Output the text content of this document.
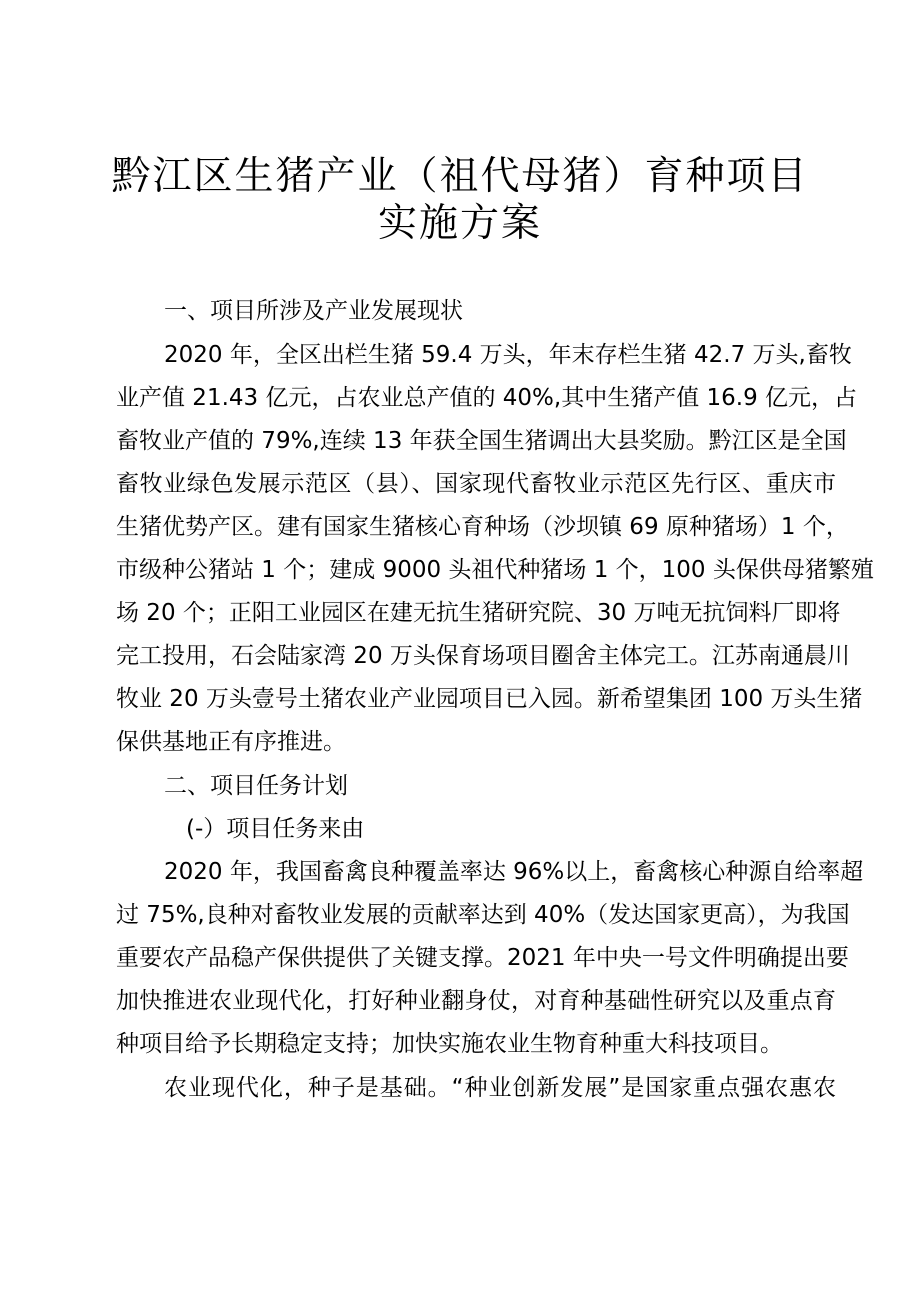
黔江区生猪产业（祖代母猪）育种项目
实施方案
一、项目所涉及产业发展现状
2020 年，全区出栏生猪 59.4 万头，年末存栏生猪 42.7 万头,畜牧
业产值 21.43 亿元，占农业总产值的 40%,其中生猪产值 16.9 亿元，占
畜牧业产值的 79%,连续 13 年获全国生猪调出大县奖励。黔江区是全国
畜牧业绿色发展示范区（县）、国家现代畜牧业示范区先行区、重庆市
生猪优势产区。建有国家生猪核心育种场（沙坝镇 69 原种猪场）1 个，
市级种公猪站 1 个；建成 9000 头祖代种猪场 1 个，100 头保供母猪繁殖
场 20 个；正阳工业园区在建无抗生猪研究院、30 万吨无抗饲料厂即将
完工投用，石会陆家湾 20 万头保育场项目圈舍主体完工。江苏南通晨川
牧业 20 万头壹号土猪农业产业园项目已入园。新希望集团 100 万头生猪
保供基地正有序推进。
二、项目任务计划
(-）项目任务来由
2020 年，我国畜禽良种覆盖率达 96%以上，畜禽核心种源自给率超
过 75%,良种对畜牧业发展的贡献率达到 40%（发达国家更高），为我国
重要农产品稳产保供提供了关键支撑。2021 年中央一号文件明确提出要
加快推进农业现代化，打好种业翻身仗，对育种基础性研究以及重点育
种项目给予长期稳定支持；加快实施农业生物育种重大科技项目。
农业现代化，种子是基础。“种业创新发展”是国家重点强农惠农
